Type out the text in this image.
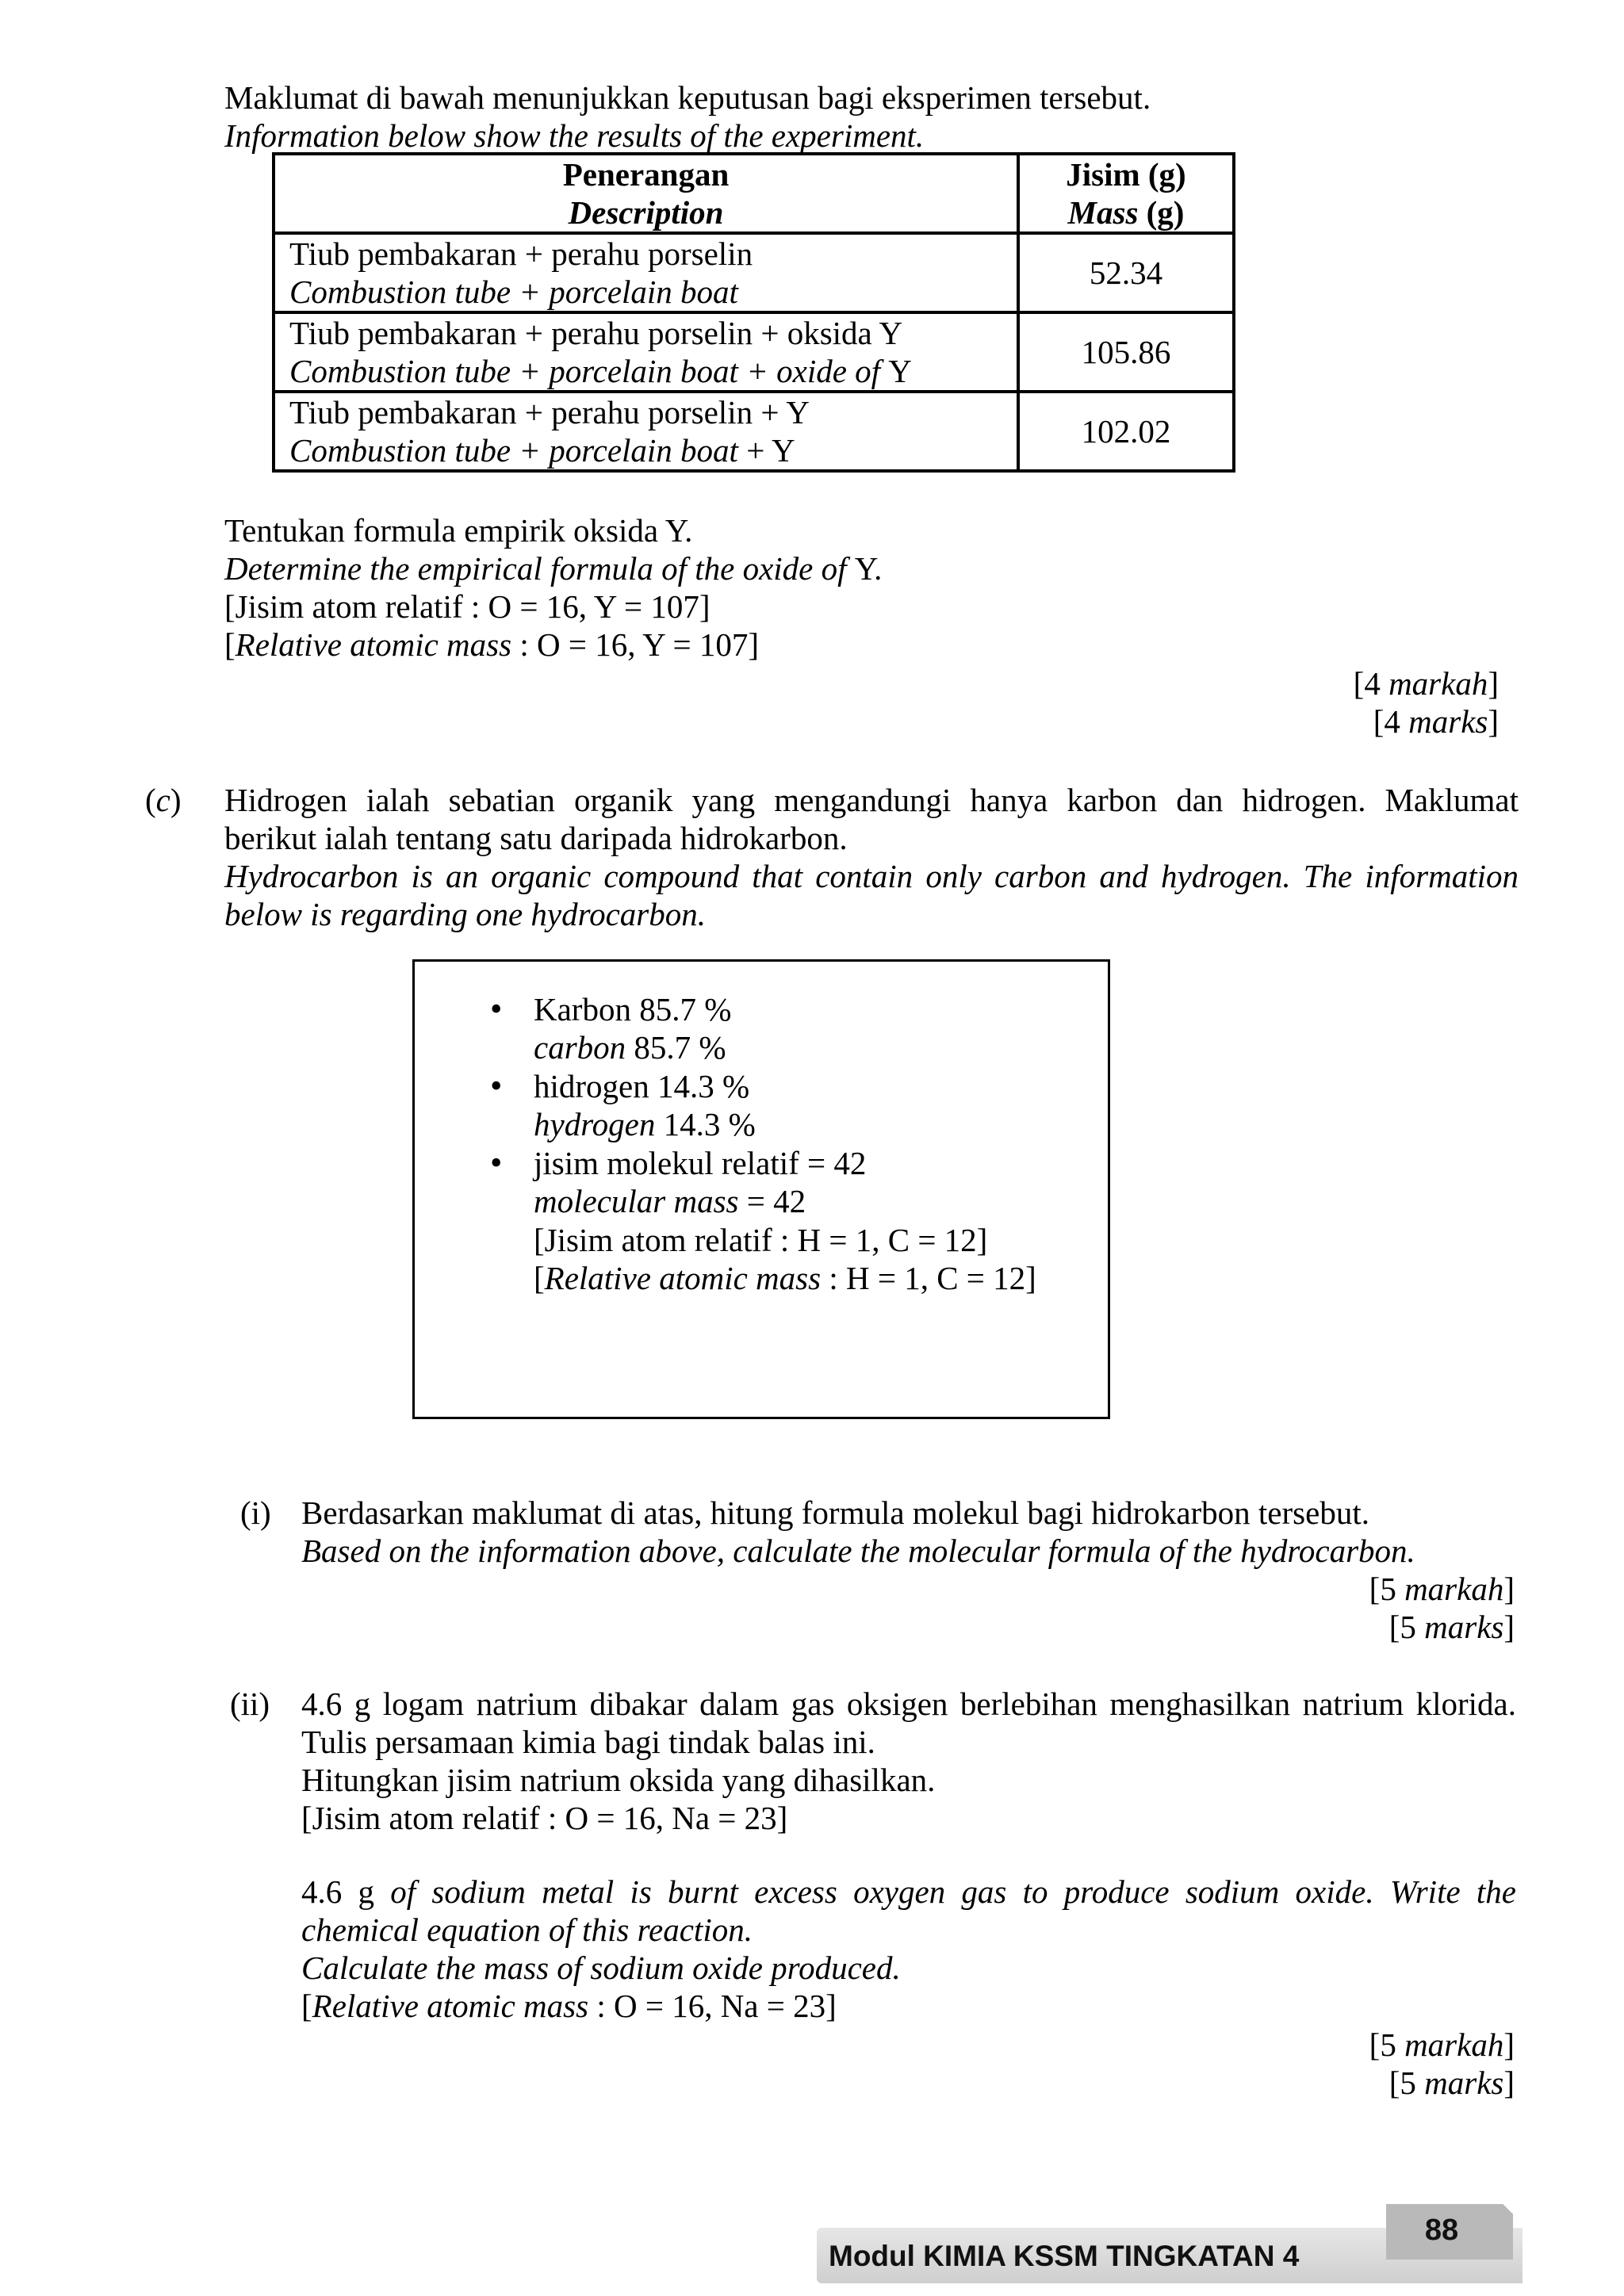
Maklumat di bawah menunjukkan keputusan bagi eksperimen tersebut.
Information below show the results of the experiment.
Penerangan
Description	Jisim (g)
Mass (g)

Tiub pembakaran + perahu porselin
Combustion tube + porcelain boat	52.34

Tiub pembakaran + perahu porselin + oksida Y
Combustion tube + porcelain boat + oxide of Y	105.86

Tiub pembakaran + perahu porselin + Y
Combustion tube + porcelain boat + Y	102.02
Tentukan formula empirik oksida Y.
Determine the empirical formula of the oxide of Y.
[Jisim atom relatif : O = 16, Y = 107]
[Relative atomic mass : O = 16, Y = 107]
[4 markah]
[4 marks]
(c) Hidrogen ialah sebatian organik yang mengandungi hanya karbon dan hidrogen. Maklumat
berikut ialah tentang satu daripada hidrokarbon.
Hydrocarbon is an organic compound that contain only carbon and hydrogen. The information
below is regarding one hydrocarbon.
• Karbon 85.7 %
carbon 85.7 %
• hidrogen 14.3 %
hydrogen 14.3 %
• jisim molekul relatif = 42
molecular mass = 42
[Jisim atom relatif : H = 1, C = 12]
[Relative atomic mass : H = 1, C = 12]
(i) Berdasarkan maklumat di atas, hitung formula molekul bagi hidrokarbon tersebut.
Based on the information above, calculate the molecular formula of the hydrocarbon.
[5 markah]
[5 marks]
(ii) 4.6 g logam natrium dibakar dalam gas oksigen berlebihan menghasilkan natrium klorida.
Tulis persamaan kimia bagi tindak balas ini.
Hitungkan jisim natrium oksida yang dihasilkan.
[Jisim atom relatif : O = 16, Na = 23]
4.6 g of sodium metal is burnt excess oxygen gas to produce sodium oxide. Write the
chemical equation of this reaction.
Calculate the mass of sodium oxide produced.
[Relative atomic mass : O = 16, Na = 23]
[5 markah]
[5 marks]
Modul KIMIA KSSM TINGKATAN 4
88
